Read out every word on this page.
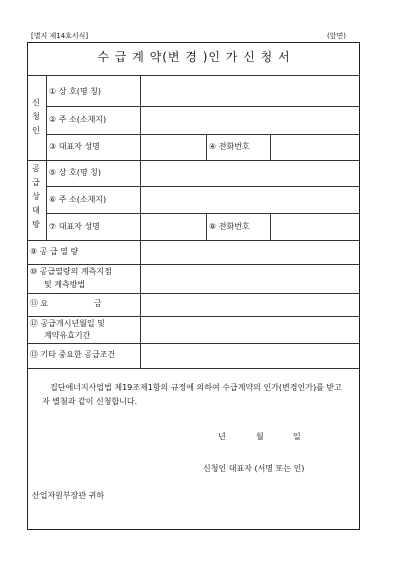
[별지 제14호서식]	(앞면)
수 급 계 약(변 경 )인 가 신 청 서
신
청
인
① 상 호(명 칭)
② 주 소(소재지)
③ 대표자 성명	④ 전화번호
공
급
상
대
방
⑤ 상 호(명 칭)
⑥ 주 소(소재지)
⑦ 대표자 성명	⑧ 전화번호
⑨ 공 급 열 량
⑩ 공급열량의 계측지점
및 계측방법
⑪ 요	금
⑫ 공급개시년월일 및
계약유효기간
⑬ 기타 중요한 공급조건
집단에너지사업법 제19조제1항의 규정에 의하여 수급계약의 인가(변경인가)를 받고자 별첨과 같이 신청합니다.
년	월	일
신청인 대표자 (서명 또는 인)
산업자원부장관 귀하
